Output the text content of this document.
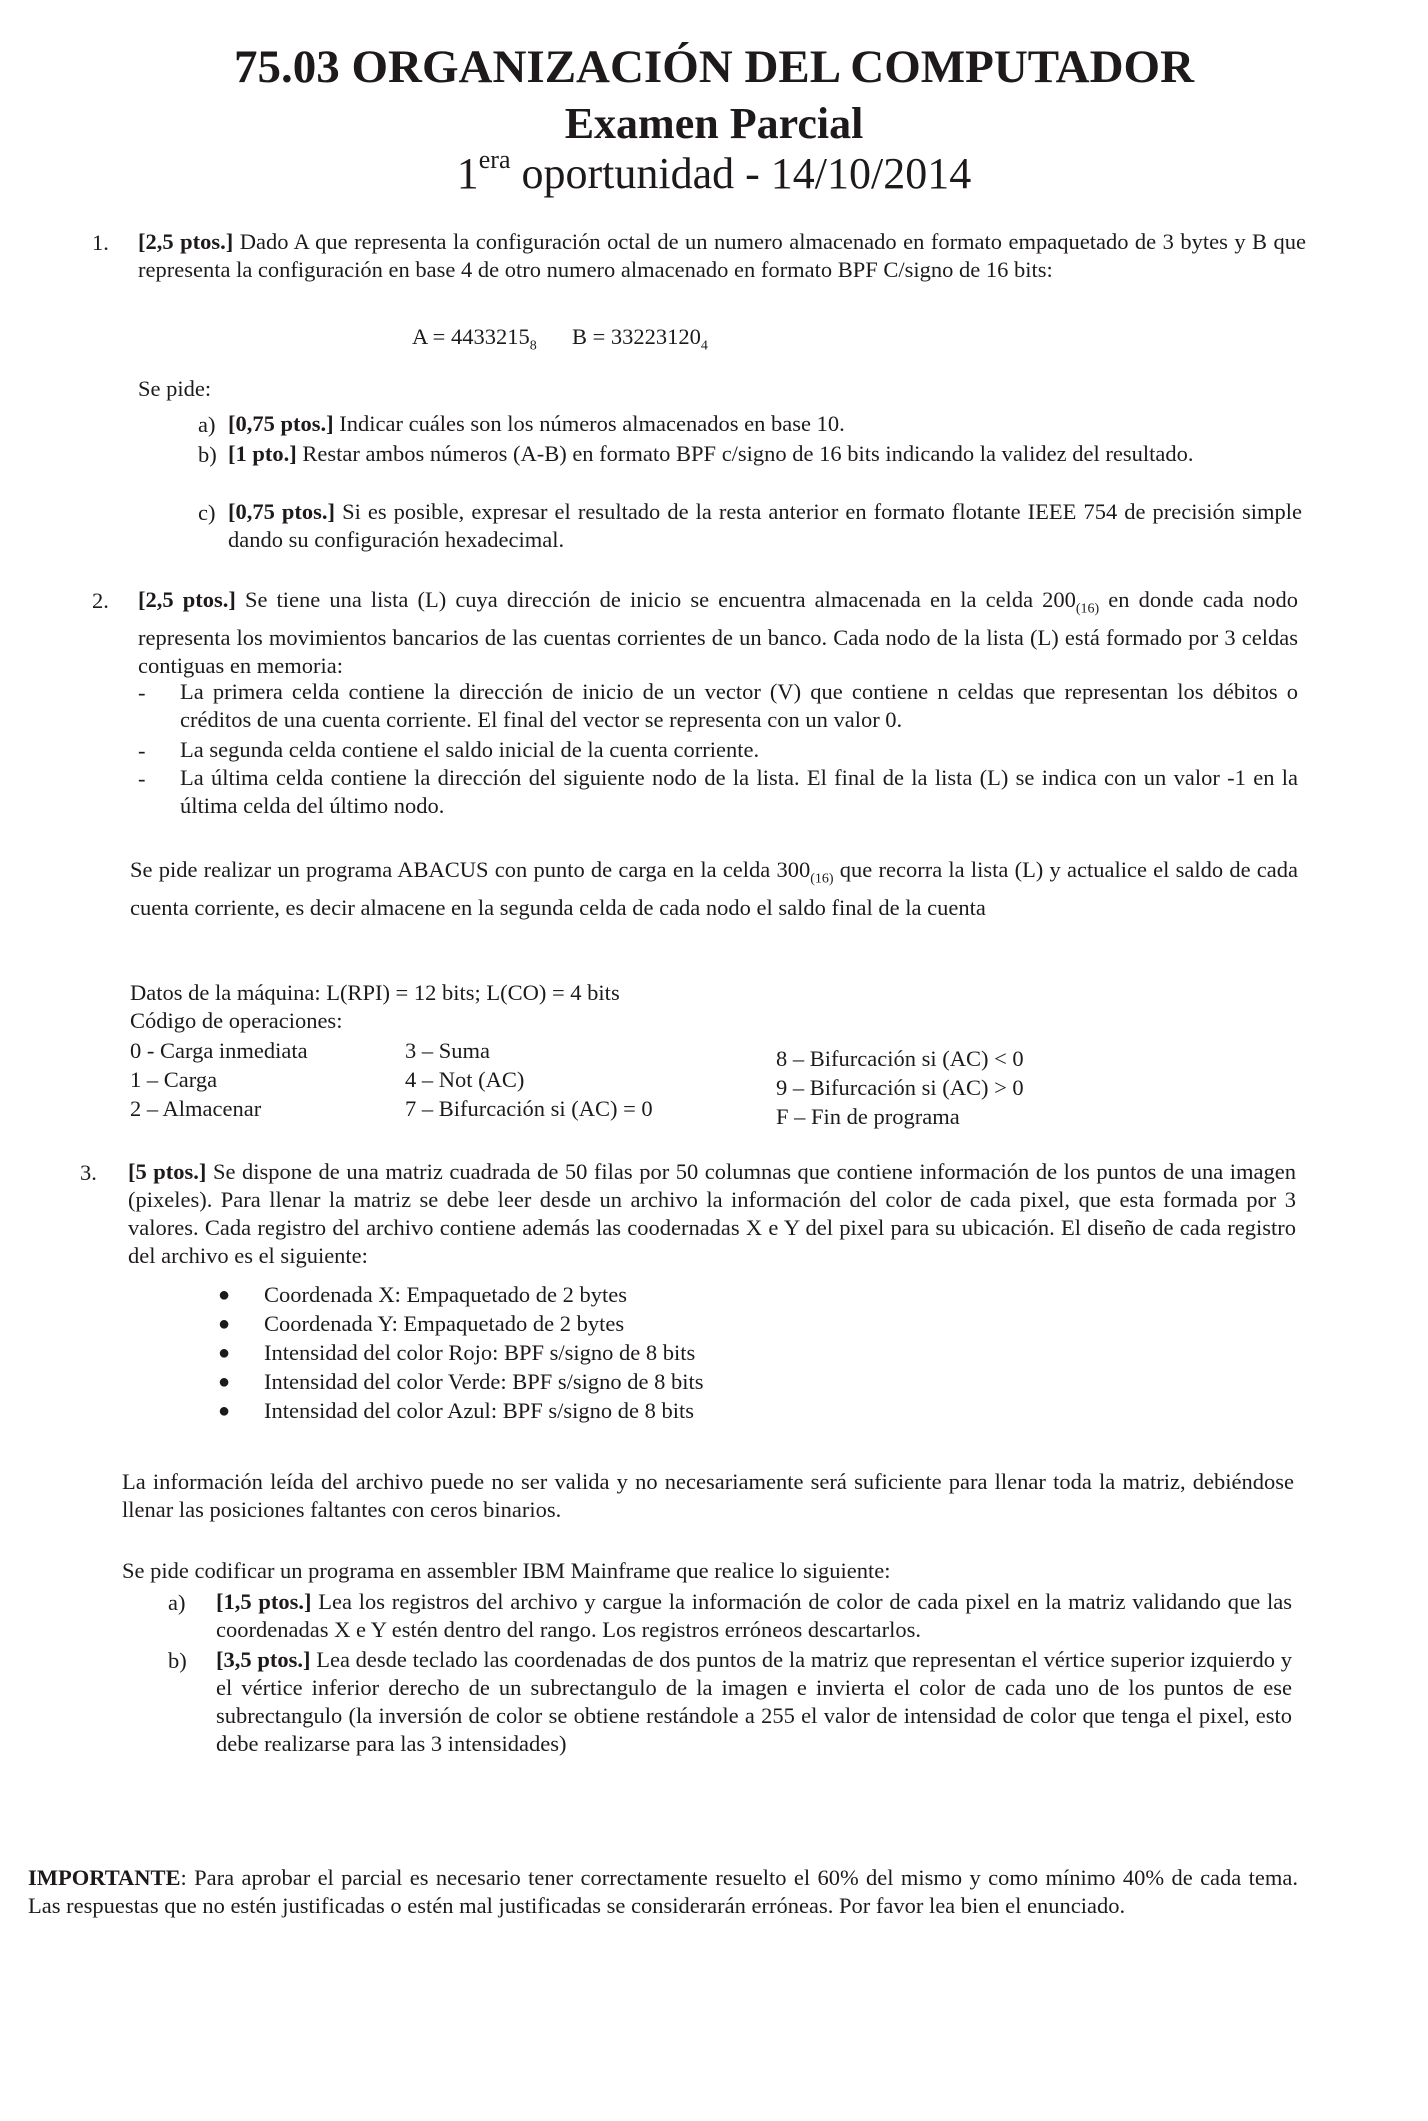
75.03 ORGANIZACIÓN DEL COMPUTADOR
Examen Parcial
$1^{era}$ oportunidad - 14/10/2014
1. [2,5 ptos.] Dado A que representa la configuración octal de un numero almacenado en formato empaquetado de 3 bytes y B que representa la configuración en base 4 de otro numero almacenado en formato BPF C/signo de 16 bits:
$A = 4433215_8$ $B = 33223120_4$
Se pide:
a) [0,75 ptos.] Indicar cuáles son los números almacenados en base 10.
b) [1 pto.] Restar ambos números (A-B) en formato BPF c/signo de 16 bits indicando la validez del resultado.
c) [0,75 ptos.] Si es posible, expresar el resultado de la resta anterior en formato flotante IEEE 754 de precisión simple dando su configuración hexadecimal.
2. [2,5 ptos.] Se tiene una lista (L) cuya dirección de inicio se encuentra almacenada en la celda $200_{(16)}$ en donde cada nodo representa los movimientos bancarios de las cuentas corrientes de un banco. Cada nodo de la lista (L) está formado por 3 celdas contiguas en memoria:
- La primera celda contiene la dirección de inicio de un vector (V) que contiene n celdas que representan los débitos o créditos de una cuenta corriente. El final del vector se representa con un valor 0.
- La segunda celda contiene el saldo inicial de la cuenta corriente.
- La última celda contiene la dirección del siguiente nodo de la lista. El final de la lista (L) se indica con un valor -1 en la última celda del último nodo.
Se pide realizar un programa ABACUS con punto de carga en la celda $300_{(16)}$ que recorra la lista (L) y actualice el saldo de cada cuenta corriente, es decir almacene en la segunda celda de cada nodo el saldo final de la cuenta
Datos de la máquina: L(RPI) = 12 bits; L(CO) = 4 bits
Código de operaciones:
0 - Carga inmediata
1 – Carga
2 – Almacenar
3 – Suma
4 – Not (AC)
7 – Bifurcación si (AC) = 0
8 – Bifurcación si (AC) < 0
9 – Bifurcación si (AC) > 0
F – Fin de programa
3. [5 ptos.] Se dispone de una matriz cuadrada de 50 filas por 50 columnas que contiene información de los puntos de una imagen (pixeles). Para llenar la matriz se debe leer desde un archivo la información del color de cada pixel, que esta formada por 3 valores. Cada registro del archivo contiene además las coodernadas X e Y del pixel para su ubicación. El diseño de cada registro del archivo es el siguiente:
● Coordenada X: Empaquetado de 2 bytes
● Coordenada Y: Empaquetado de 2 bytes
● Intensidad del color Rojo: BPF s/signo de 8 bits
● Intensidad del color Verde: BPF s/signo de 8 bits
● Intensidad del color Azul: BPF s/signo de 8 bits
La información leída del archivo puede no ser valida y no necesariamente será suficiente para llenar toda la matriz, debiéndose llenar las posiciones faltantes con ceros binarios.
Se pide codificar un programa en assembler IBM Mainframe que realice lo siguiente:
a) [1,5 ptos.] Lea los registros del archivo y cargue la información de color de cada pixel en la matriz validando que las coordenadas X e Y estén dentro del rango. Los registros erróneos descartarlos.
b) [3,5 ptos.] Lea desde teclado las coordenadas de dos puntos de la matriz que representan el vértice superior izquierdo y el vértice inferior derecho de un subrectangulo de la imagen e invierta el color de cada uno de los puntos de ese subrectangulo (la inversión de color se obtiene restándole a 255 el valor de intensidad de color que tenga el pixel, esto debe realizarse para las 3 intensidades)
IMPORTANTE: Para aprobar el parcial es necesario tener correctamente resuelto el 60% del mismo y como mínimo 40% de cada tema. Las respuestas que no estén justificadas o estén mal justificadas se considerarán erróneas. Por favor lea bien el enunciado.
